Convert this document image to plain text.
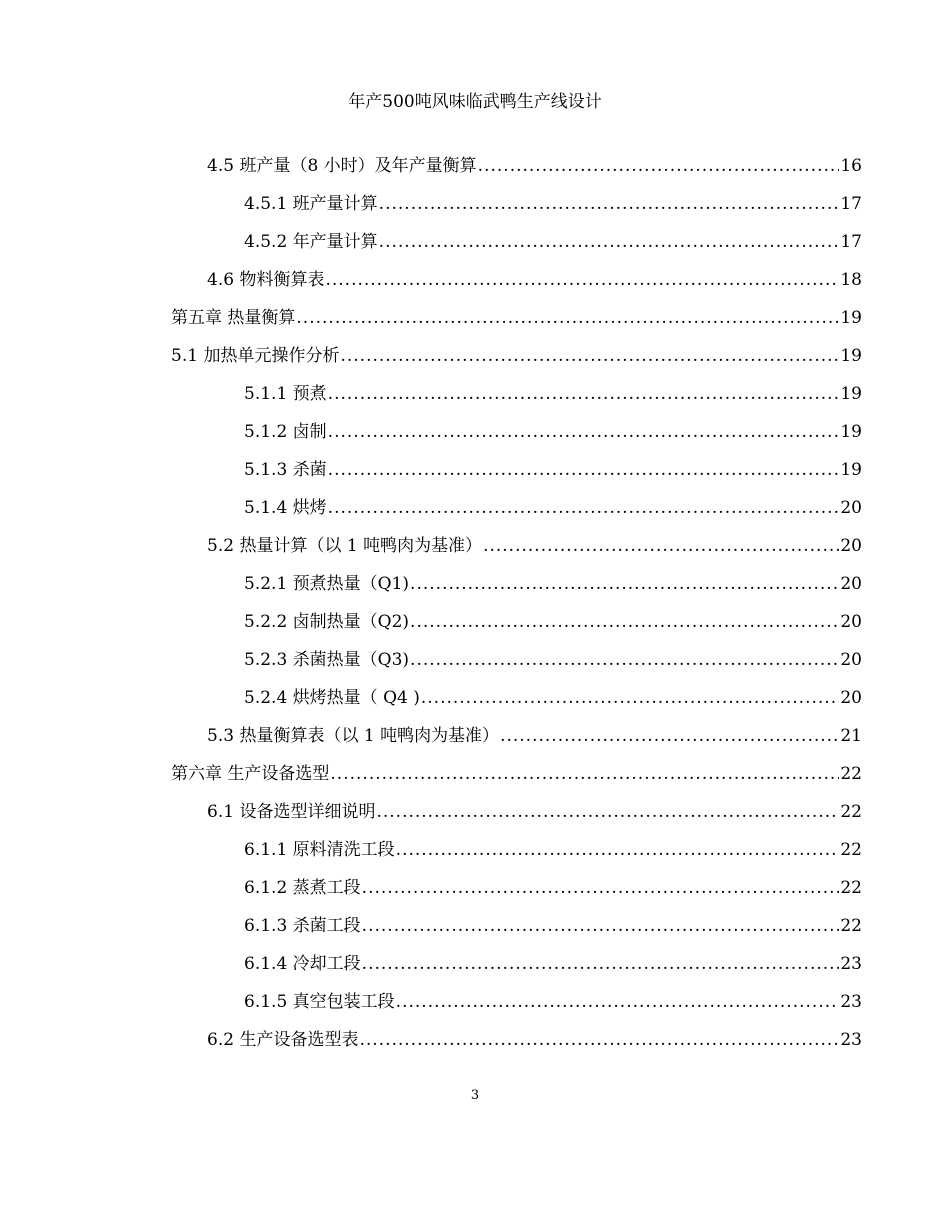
年产500吨风味临武鸭生产线设计
4.5 班产量（8 小时）及年产量衡算 .....	16
4.5.1 班产量计算 .....	17
4.5.2 年产量计算 .....	17
4.6 物料衡算表 .....	18
第五章 热量衡算 .....	19
5.1 加热单元操作分析 .....	19
5.1.1 预煮 .....	19
5.1.2 卤制 .....	19
5.1.3 杀菌 .....	19
5.1.4 烘烤 .....	20
5.2 热量计算（以 1 吨鸭肉为基准） .....	20
5.2.1 预煮热量（Q1) .....	20
5.2.2 卤制热量（Q2) .....	20
5.2.3 杀菌热量（Q3) .....	20
5.2.4 烘烤热量（ Q4 ) .....	20
5.3 热量衡算表（以 1 吨鸭肉为基准） .....	21
第六章 生产设备选型 .....	22
6.1 设备选型详细说明 .....	22
6.1.1 原料清洗工段 .....	22
6.1.2 蒸煮工段 .....	22
6.1.3 杀菌工段 .....	22
6.1.4 冷却工段 .....	23
6.1.5 真空包装工段 .....	23
6.2 生产设备选型表 .....	23
3
